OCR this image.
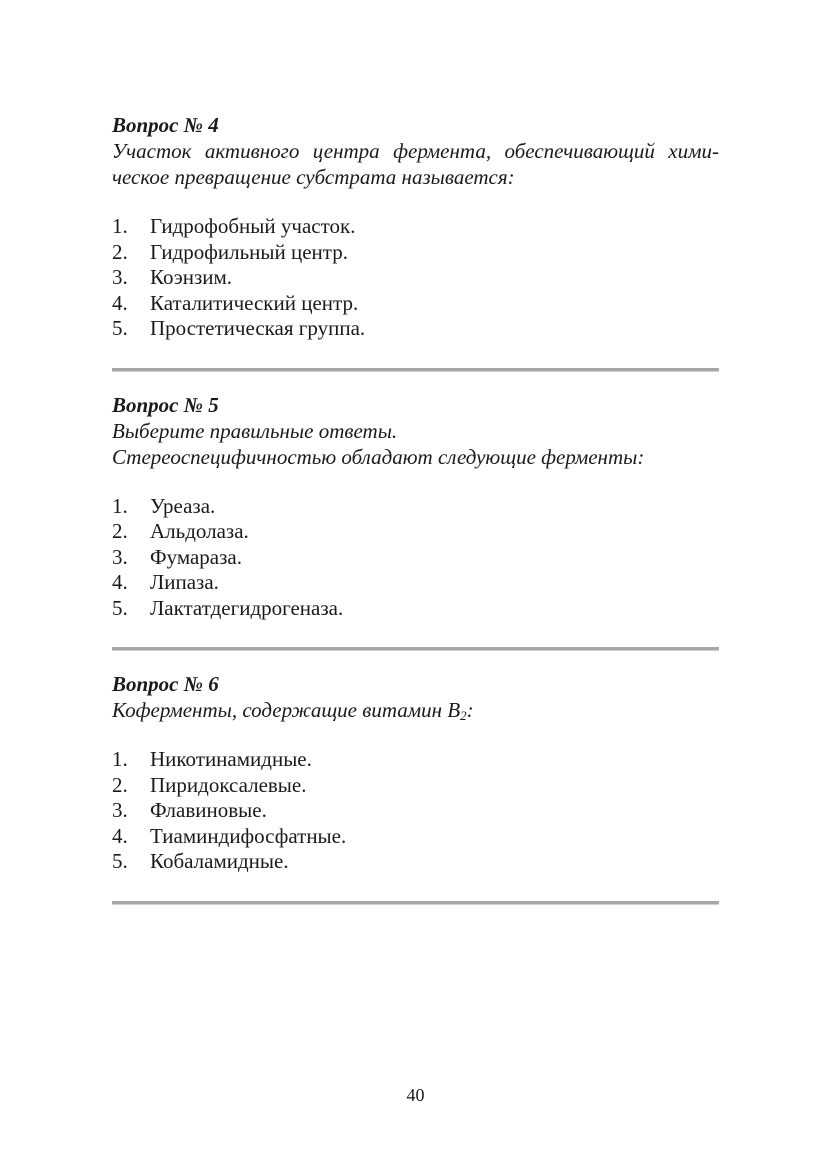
Вопрос № 4

Участок активного центра фермента, обеспечивающий хими-

ческое превращение субстрата называется:

1.	Гидрофобный участок.
2.	Гидрофильный центр.
3.	Коэнзим.
4.	Каталитический центр.
5.	Простетическая группа.

Вопрос № 5

Выберите правильные ответы.

Стереоспецифичностью обладают следующие ферменты:

1.	Уреаза.
2.	Альдолаза.
3.	Фумараза.
4.	Липаза.
5.	Лактатдегидрогеназа.

Вопрос № 6

Коферменты, содержащие витамин В2:

1.	Никотинамидные.
2.	Пиридоксалевые.
3.	Флавиновые.
4.	Тиаминдифосфатные.
5.	Кобаламидные.
40
